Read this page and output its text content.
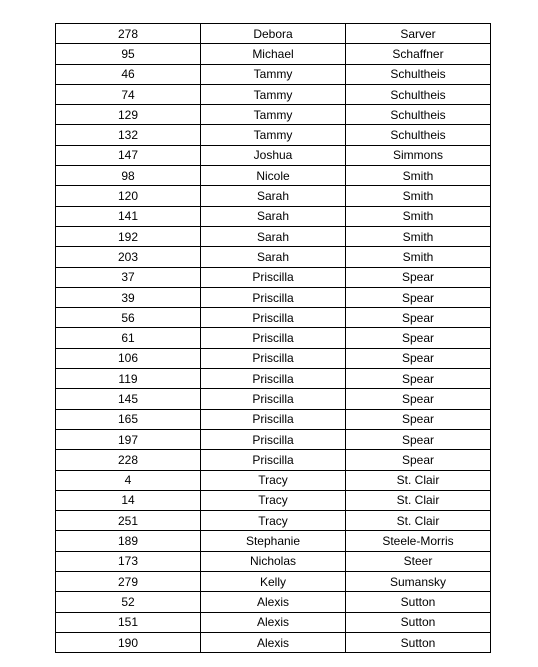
278	Debora	Sarver
95	Michael	Schaffner
46	Tammy	Schultheis
74	Tammy	Schultheis
129	Tammy	Schultheis
132	Tammy	Schultheis
147	Joshua	Simmons
98	Nicole	Smith
120	Sarah	Smith
141	Sarah	Smith
192	Sarah	Smith
203	Sarah	Smith
37	Priscilla	Spear
39	Priscilla	Spear
56	Priscilla	Spear
61	Priscilla	Spear
106	Priscilla	Spear
119	Priscilla	Spear
145	Priscilla	Spear
165	Priscilla	Spear
197	Priscilla	Spear
228	Priscilla	Spear
4	Tracy	St. Clair
14	Tracy	St. Clair
251	Tracy	St. Clair
189	Stephanie	Steele-Morris
173	Nicholas	Steer
279	Kelly	Sumansky
52	Alexis	Sutton
151	Alexis	Sutton
190	Alexis	Sutton
